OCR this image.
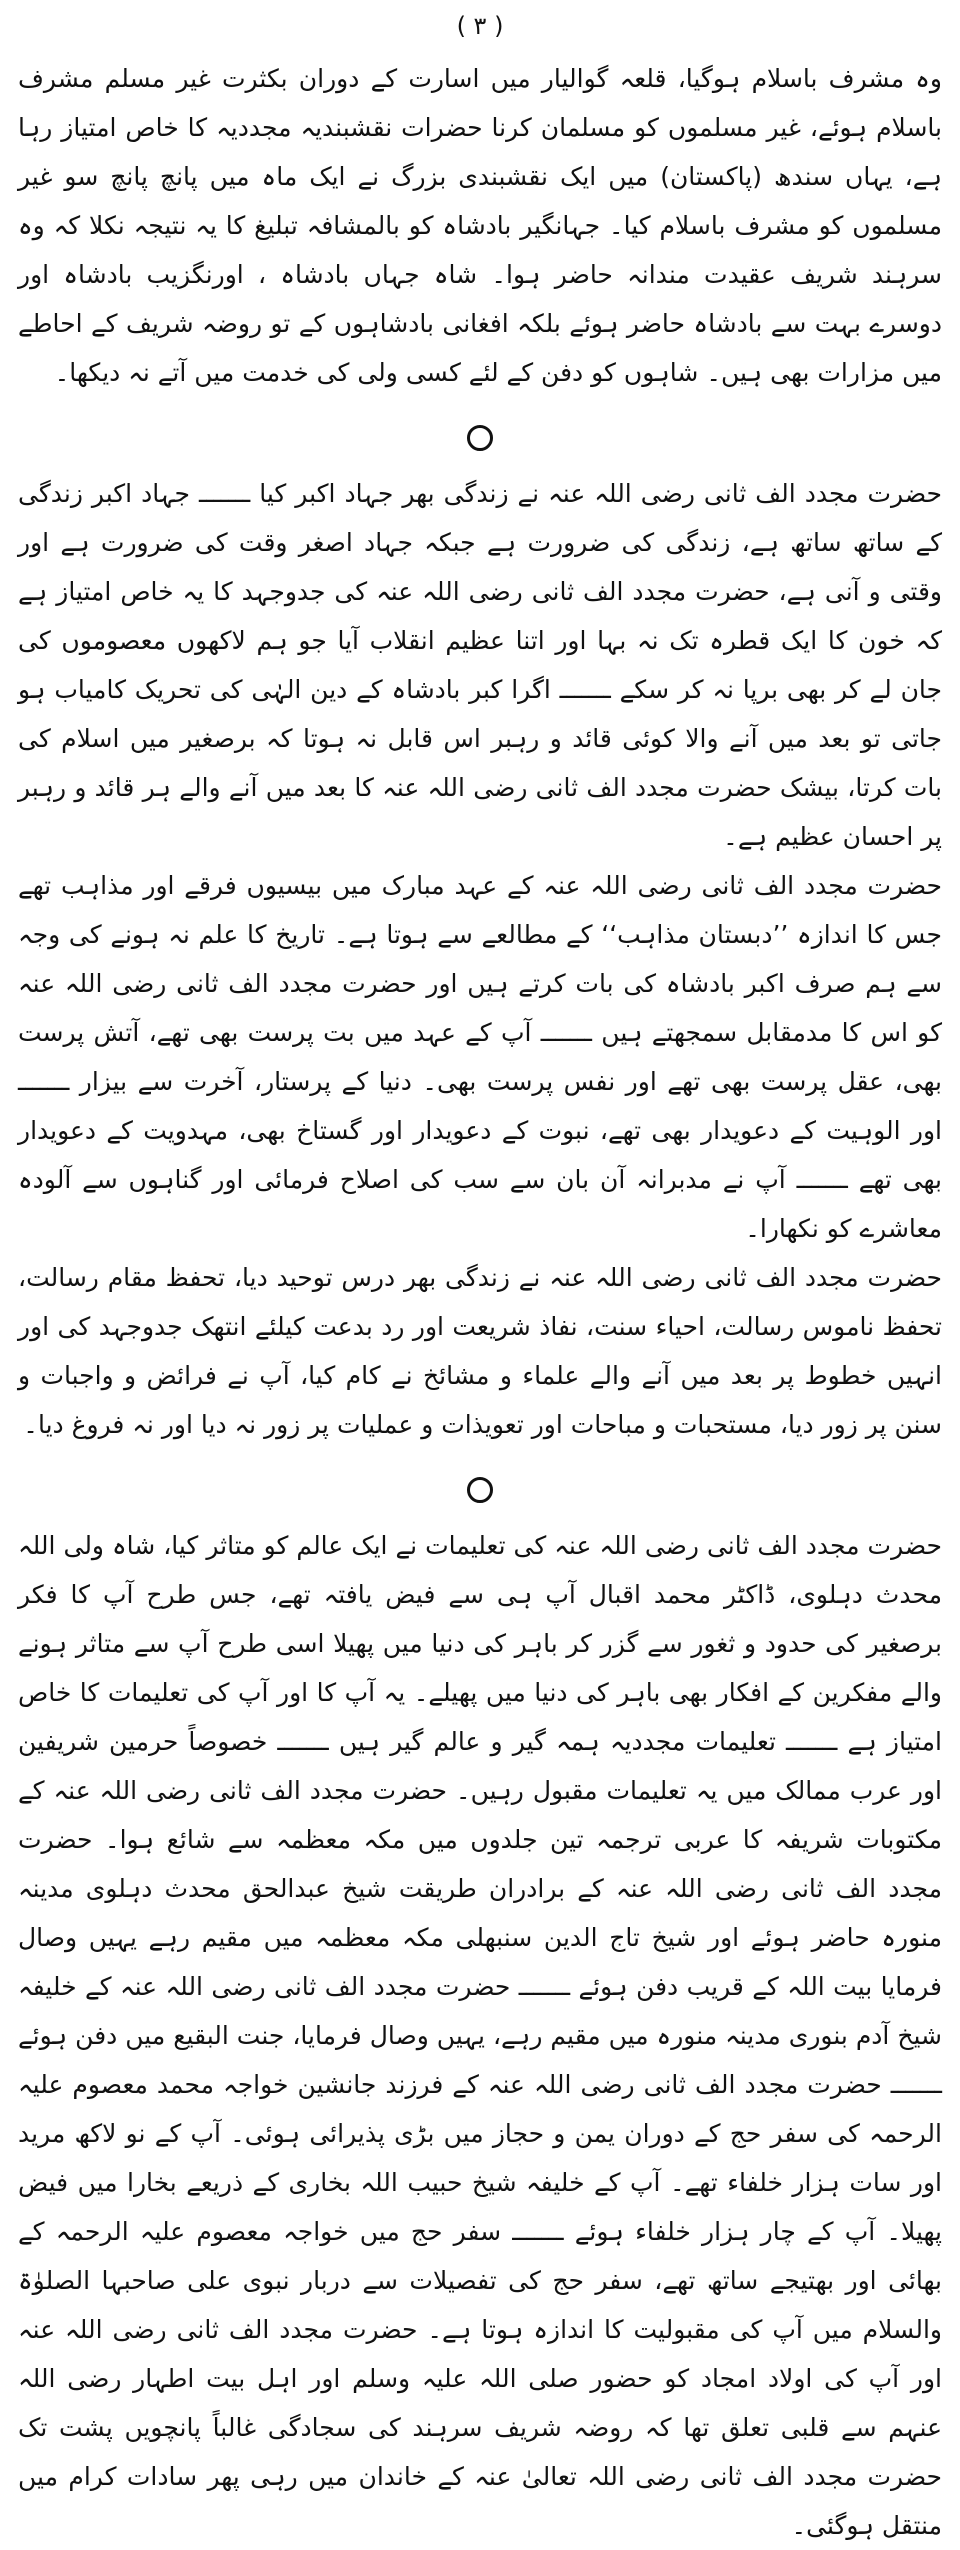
( ۳ )

وہ مشرف باسلام ہوگیا، قلعہ گوالیار میں اسارت کے دوران بکثرت غیر مسلم مشرف باسلام ہوئے، غیر مسلموں کو مسلمان کرنا حضرات نقشبندیہ مجددیہ کا خاص امتیاز رہا ہے، یہاں سندھ (پاکستان) میں ایک نقشبندی بزرگ نے ایک ماہ میں پانچ پانچ سو غیر مسلموں کو مشرف باسلام کیا۔ جہانگیر بادشاہ کو بالمشافہ تبلیغ کا یہ نتیجہ نکلا کہ وہ سرہند شریف عقیدت مندانہ حاضر ہوا۔ شاہ جہاں بادشاہ ، اورنگزیب بادشاہ اور دوسرے بہت سے بادشاہ حاضر ہوئے بلکہ افغانی بادشاہوں کے تو روضہ شریف کے احاطے میں مزارات بھی ہیں۔ شاہوں کو دفن کے لئے کسی ولی کی خدمت میں آتے نہ دیکھا۔

حضرت مجدد الف ثانی رضی اللہ عنہ نے زندگی بھر جہاد اکبر کیا ـــــــ جہاد اکبر زندگی کے ساتھ ساتھ ہے، زندگی کی ضرورت ہے جبکہ جہاد اصغر وقت کی ضرورت ہے اور وقتی و آنی ہے، حضرت مجدد الف ثانی رضی اللہ عنہ کی جدوجہد کا یہ خاص امتیاز ہے کہ خون کا ایک قطرہ تک نہ بہا اور اتنا عظیم انقلاب آیا جو ہم لاکھوں معصوموں کی جان لے کر بھی برپا نہ کر سکے ـــــــ اگرا کبر بادشاہ کے دین الہٰی کی تحریک کامیاب ہو جاتی تو بعد میں آنے والا کوئی قائد و رہبر اس قابل نہ ہوتا کہ برصغیر میں اسلام کی بات کرتا، بیشک حضرت مجدد الف ثانی رضی اللہ عنہ کا بعد میں آنے والے ہر قائد و رہبر پر احسان عظیم ہے۔

حضرت مجدد الف ثانی رضی اللہ عنہ کے عہد مبارک میں بیسیوں فرقے اور مذاہب تھے جس کا اندازہ ’’دبستان مذاہب‘‘ کے مطالعے سے ہوتا ہے۔ تاریخ کا علم نہ ہونے کی وجہ سے ہم صرف اکبر بادشاہ کی بات کرتے ہیں اور حضرت مجدد الف ثانی رضی اللہ عنہ کو اس کا مدمقابل سمجھتے ہیں ـــــــ آپ کے عہد میں بت پرست بھی تھے، آتش پرست بھی، عقل پرست بھی تھے اور نفس پرست بھی۔ دنیا کے پرستار، آخرت سے بیزار ـــــــ اور الوہیت کے دعویدار بھی تھے، نبوت کے دعویدار اور گستاخ بھی، مہدویت کے دعویدار بھی تھے ـــــــ آپ نے مدبرانہ آن بان سے سب کی اصلاح فرمائی اور گناہوں سے آلودہ معاشرے کو نکھارا۔

حضرت مجدد الف ثانی رضی اللہ عنہ نے زندگی بھر درس توحید دیا، تحفظ مقام رسالت، تحفظ ناموس رسالت، احیاء سنت، نفاذ شریعت اور رد بدعت کیلئے انتھک جدوجہد کی اور انہیں خطوط پر بعد میں آنے والے علماء و مشائخ نے کام کیا، آپ نے فرائض و واجبات و سنن پر زور دیا، مستحبات و مباحات اور تعویذات و عملیات پر زور نہ دیا اور نہ فروغ دیا۔

حضرت مجدد الف ثانی رضی اللہ عنہ کی تعلیمات نے ایک عالم کو متاثر کیا، شاہ ولی اللہ محدث دہلوی، ڈاکٹر محمد اقبال آپ ہی سے فیض یافتہ تھے، جس طرح آپ کا فکر برصغیر کی حدود و ثغور سے گزر کر باہر کی دنیا میں پھیلا اسی طرح آپ سے متاثر ہونے والے مفکرین کے افکار بھی باہر کی دنیا میں پھیلے۔ یہ آپ کا اور آپ کی تعلیمات کا خاص امتیاز ہے ـــــــ تعلیمات مجددیہ ہمہ گیر و عالم گیر ہیں ـــــــ خصوصاً حرمین شریفین اور عرب ممالک میں یہ تعلیمات مقبول رہیں۔ حضرت مجدد الف ثانی رضی اللہ عنہ کے مکتوبات شریفہ کا عربی ترجمہ تین جلدوں میں مکہ معظمہ سے شائع ہوا۔ حضرت مجدد الف ثانی رضی اللہ عنہ کے برادران طریقت شیخ عبدالحق محدث دہلوی مدینہ منورہ حاضر ہوئے اور شیخ تاج الدین سنبھلی مکہ معظمہ میں مقیم رہے یہیں وصال فرمایا بیت اللہ کے قریب دفن ہوئے ـــــــ حضرت مجدد الف ثانی رضی اللہ عنہ کے خلیفہ شیخ آدم بنوری مدینہ منورہ میں مقیم رہے، یہیں وصال فرمایا، جنت البقیع میں دفن ہوئے ـــــــ حضرت مجدد الف ثانی رضی اللہ عنہ کے فرزند جانشین خواجہ محمد معصوم علیہ الرحمہ کی سفر حج کے دوران یمن و حجاز میں بڑی پذیرائی ہوئی۔ آپ کے نو لاکھ مرید اور سات ہزار خلفاء تھے۔ آپ کے خلیفہ شیخ حبیب اللہ بخاری کے ذریعے بخارا میں فیض پھیلا۔ آپ کے چار ہزار خلفاء ہوئے ـــــــ سفر حج میں خواجہ معصوم علیہ الرحمہ کے بھائی اور بھتیجے ساتھ تھے، سفر حج کی تفصیلات سے دربار نبوی علی صاحبہا الصلوٰۃ والسلام میں آپ کی مقبولیت کا اندازہ ہوتا ہے۔ حضرت مجدد الف ثانی رضی اللہ عنہ اور آپ کی اولاد امجاد کو حضور صلی اللہ علیہ وسلم اور اہل بیت اطہار رضی اللہ عنہم سے قلبی تعلق تھا کہ روضہ شریف سرہند کی سجادگی غالباً پانچویں پشت تک حضرت مجدد الف ثانی رضی اللہ تعالیٰ عنہ کے خاندان میں رہی پھر سادات کرام میں منتقل ہوگئی۔
